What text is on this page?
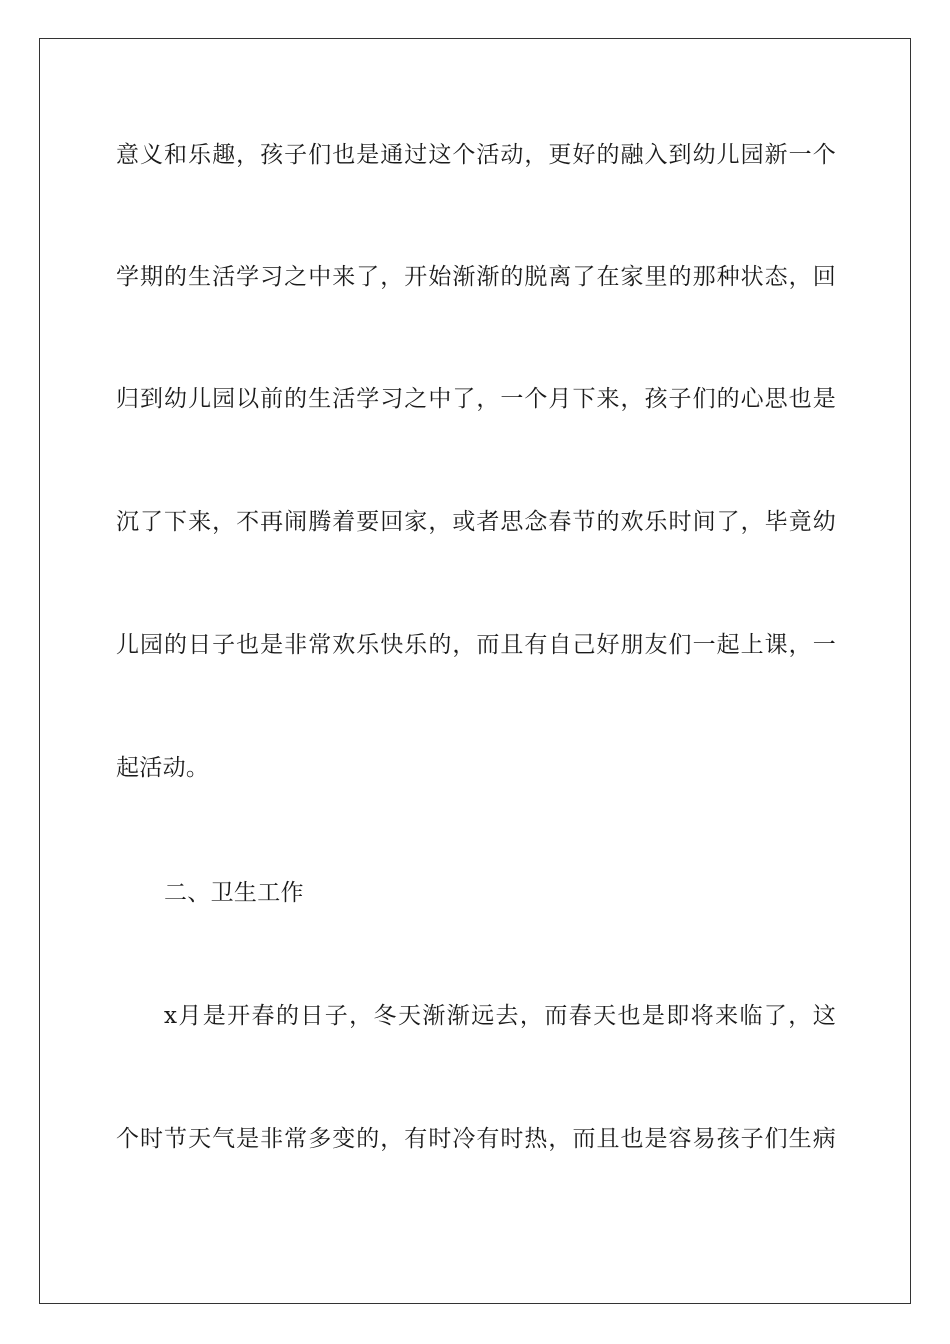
意义和乐趣，孩子们也是通过这个活动，更好的融入到幼儿园新一个
学期的生活学习之中来了，开始渐渐的脱离了在家里的那种状态，回
归到幼儿园以前的生活学习之中了，一个月下来，孩子们的心思也是
沉了下来，不再闹腾着要回家，或者思念春节的欢乐时间了，毕竟幼
儿园的日子也是非常欢乐快乐的，而且有自己好朋友们一起上课，一
起活动。
二、卫生工作
x月是开春的日子，冬天渐渐远去，而春天也是即将来临了，这
个时节天气是非常多变的，有时冷有时热，而且也是容易孩子们生病
